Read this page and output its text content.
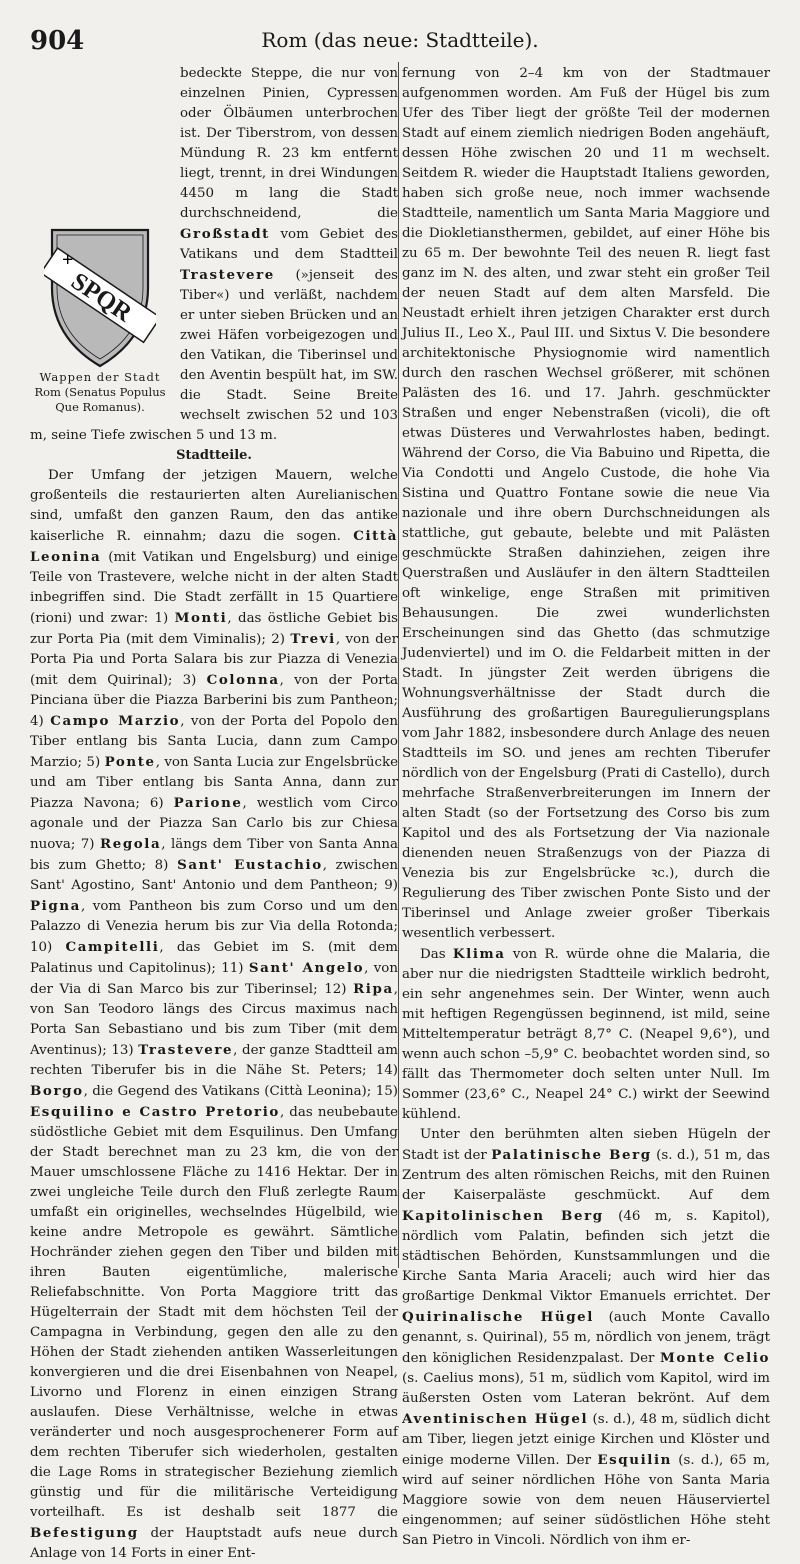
904	Rom (das neue: Stadtteile).
SPQR
+
Wappen der Stadt
Rom (Senatus Populus
Que Romanus).

bedeckte Steppe, die nur von einzelnen Pinien, Cypressen oder Ölbäumen unterbrochen ist. Der Tiberstrom, von dessen Mündung R. 23 km entfernt liegt, trennt, in drei Windungen 4450 m lang die Stadt durchschneidend, die Großstadt vom Gebiet des Vatikans und dem Stadtteil Trastevere (»jenseit des Tiber«) und verläßt, nachdem er unter sieben Brücken und an zwei Häfen vorbeigezogen und den Vatikan, die Tiberinsel und den Aventin bespült hat, im SW. die Stadt. Seine Breite wechselt zwischen 52 und 103 m, seine Tiefe zwischen 5 und 13 m.

Stadtteile.

Der Umfang der jetzigen Mauern, welche großenteils die restaurierten alten Aurelianischen sind, umfaßt den ganzen Raum, den das antike kaiserliche R. einnahm; dazu die sogen. Città Leonina (mit Vatikan und Engelsburg) und einige Teile von Trastevere, welche nicht in der alten Stadt inbegriffen sind. Die Stadt zerfällt in 15 Quartiere (rioni) und zwar: 1) Monti, das östliche Gebiet bis zur Porta Pia (mit dem Viminalis); 2) Trevi, von der Porta Pia und Porta Salara bis zur Piazza di Venezia (mit dem Quirinal); 3) Colonna, von der Porta Pinciana über die Piazza Barberini bis zum Pantheon; 4) Campo Marzio, von der Porta del Popolo den Tiber entlang bis Santa Lucia, dann zum Campo Marzio; 5) Ponte, von Santa Lucia zur Engelsbrücke und am Tiber entlang bis Santa Anna, dann zur Piazza Navona; 6) Parione, westlich vom Circo agonale und der Piazza San Carlo bis zur Chiesa nuova; 7) Regola, längs dem Tiber von Santa Anna bis zum Ghetto; 8) Sant' Eustachio, zwischen Sant' Agostino, Sant' Antonio und dem Pantheon; 9) Pigna, vom Pantheon bis zum Corso und um den Palazzo di Venezia herum bis zur Via della Rotonda; 10) Campitelli, das Gebiet im S. (mit dem Palatinus und Capitolinus); 11) Sant' Angelo, von der Via di San Marco bis zur Tiberinsel; 12) Ripa, von San Teodoro längs des Circus maximus nach Porta San Sebastiano und bis zum Tiber (mit dem Aventinus); 13) Trastevere, der ganze Stadtteil am rechten Tiberufer bis in die Nähe St. Peters; 14) Borgo, die Gegend des Vatikans (Città Leonina); 15) Esquilino e Castro Pretorio, das neubebaute südöstliche Gebiet mit dem Esquilinus. Den Umfang der Stadt berechnet man zu 23 km, die von der Mauer umschlossene Fläche zu 1416 Hektar. Der in zwei ungleiche Teile durch den Fluß zerlegte Raum umfaßt ein originelles, wechselndes Hügelbild, wie keine andre Metropole es gewährt. Sämtliche Hochränder ziehen gegen den Tiber und bilden mit ihren Bauten eigentümliche, malerische Reliefabschnitte. Von Porta Maggiore tritt das Hügelterrain der Stadt mit dem höchsten Teil der Campagna in Verbindung, gegen den alle zu den Höhen der Stadt ziehenden antiken Wasserleitungen konvergieren und die drei Eisenbahnen von Neapel, Livorno und Florenz in einen einzigen Strang auslaufen. Diese Verhältnisse, welche in etwas veränderter und noch ausgesprochenerer Form auf dem rechten Tiberufer sich wiederholen, gestalten die Lage Roms in strategischer Beziehung ziemlich günstig und für die militärische Verteidigung vorteilhaft. Es ist deshalb seit 1877 die Befestigung der Hauptstadt aufs neue durch Anlage von 14 Forts in einer Ent-

fernung von 2–4 km von der Stadtmauer aufgenommen worden. Am Fuß der Hügel bis zum Ufer des Tiber liegt der größte Teil der modernen Stadt auf einem ziemlich niedrigen Boden angehäuft, dessen Höhe zwischen 20 und 11 m wechselt. Seitdem R. wieder die Hauptstadt Italiens geworden, haben sich große neue, noch immer wachsende Stadtteile, namentlich um Santa Maria Maggiore und die Diokletiansthermen, gebildet, auf einer Höhe bis zu 65 m. Der bewohnte Teil des neuen R. liegt fast ganz im N. des alten, und zwar steht ein großer Teil der neuen Stadt auf dem alten Marsfeld. Die Neustadt erhielt ihren jetzigen Charakter erst durch Julius II., Leo X., Paul III. und Sixtus V. Die besondere architektonische Physiognomie wird namentlich durch den raschen Wechsel größerer, mit schönen Palästen des 16. und 17. Jahrh. geschmückter Straßen und enger Nebenstraßen (vicoli), die oft etwas Düsteres und Verwahrlostes haben, bedingt. Während der Corso, die Via Babuino und Ripetta, die Via Condotti und Angelo Custode, die hohe Via Sistina und Quattro Fontane sowie die neue Via nazionale und ihre obern Durchschneidungen als stattliche, gut gebaute, belebte und mit Palästen geschmückte Straßen dahinziehen, zeigen ihre Querstraßen und Ausläufer in den ältern Stadtteilen oft winkelige, enge Straßen mit primitiven Behausungen. Die zwei wunderlichsten Erscheinungen sind das Ghetto (das schmutzige Judenviertel) und im O. die Feldarbeit mitten in der Stadt. In jüngster Zeit werden übrigens die Wohnungsverhältnisse der Stadt durch die Ausführung des großartigen Bauregulierungsplans vom Jahr 1882, insbesondere durch Anlage des neuen Stadtteils im SO. und jenes am rechten Tiberufer nördlich von der Engelsburg (Prati di Castello), durch mehrfache Straßenverbreiterungen im Innern der alten Stadt (so der Fortsetzung des Corso bis zum Kapitol und des als Fortsetzung der Via nazionale dienenden neuen Straßenzugs von der Piazza di Venezia bis zur Engelsbrücke ꝛc.), durch die Regulierung des Tiber zwischen Ponte Sisto und der Tiberinsel und Anlage zweier großer Tiberkais wesentlich verbessert.

Das Klima von R. würde ohne die Malaria, die aber nur die niedrigsten Stadtteile wirklich bedroht, ein sehr angenehmes sein. Der Winter, wenn auch mit heftigen Regengüssen beginnend, ist mild, seine Mitteltemperatur beträgt 8,7° C. (Neapel 9,6°), und wenn auch schon –5,9° C. beobachtet worden sind, so fällt das Thermometer doch selten unter Null. Im Sommer (23,6° C., Neapel 24° C.) wirkt der Seewind kühlend.

Unter den berühmten alten sieben Hügeln der Stadt ist der Palatinische Berg (s. d.), 51 m, das Zentrum des alten römischen Reichs, mit den Ruinen der Kaiserpaläste geschmückt. Auf dem Kapitolinischen Berg (46 m, s. Kapitol), nördlich vom Palatin, befinden sich jetzt die städtischen Behörden, Kunstsammlungen und die Kirche Santa Maria Araceli; auch wird hier das großartige Denkmal Viktor Emanuels errichtet. Der Quirinalische Hügel (auch Monte Cavallo genannt, s. Quirinal), 55 m, nördlich von jenem, trägt den königlichen Residenzpalast. Der Monte Celio (s. Caelius mons), 51 m, südlich vom Kapitol, wird im äußersten Osten vom Lateran bekrönt. Auf dem Aventinischen Hügel (s. d.), 48 m, südlich dicht am Tiber, liegen jetzt einige Kirchen und Klöster und einige moderne Villen. Der Esquilin (s. d.), 65 m, wird auf seiner nördlichen Höhe von Santa Maria Maggiore sowie von dem neuen Häuserviertel eingenommen; auf seiner südöstlichen Höhe steht San Pietro in Vincoli. Nördlich von ihm er-
